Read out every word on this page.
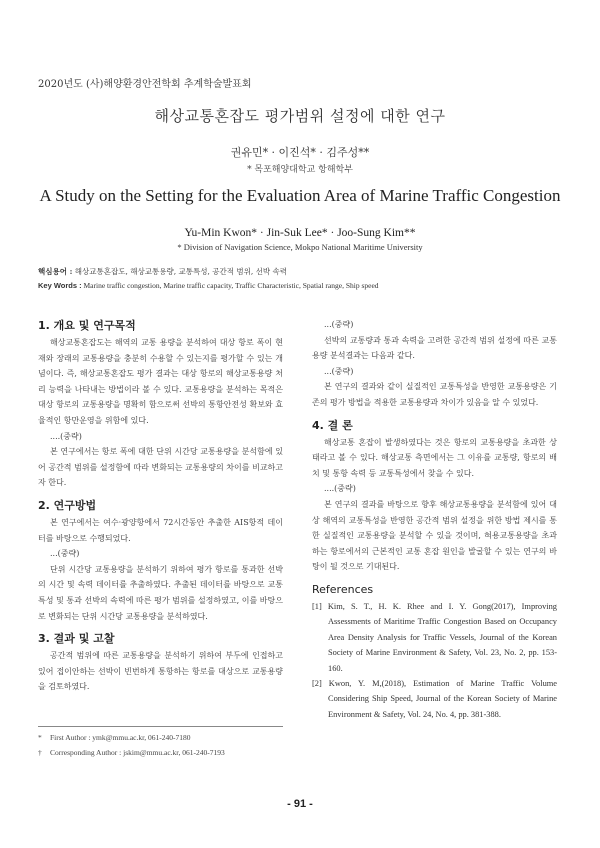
2020년도 (사)해양환경안전학회 추계학술발표회
해상교통혼잡도 평가범위 설정에 대한 연구
권유민* · 이진석* · 김주성**
* 목포해양대학교 항해학부
A Study on the Setting for the Evaluation Area of Marine Traffic Congestion
Yu-Min Kwon* · Jin-Suk Lee* · Joo-Sung Kim**
* Division of Navigation Science, Mokpo National Maritime University
핵심용어 : 해상교통혼잡도, 해상교통용량, 교통특성, 공간적 범위, 선박 속력
Key Words : Marine traffic congestion, Marine traffic capacity, Traffic Characteristic, Spatial range, Ship speed

1. 개요 및 연구목적

해상교통혼잡도는 해역의 교통 용량을 분석하여 대상 항로 폭이 현재와 장래의 교통용량을 충분히 수용할 수 있는지를 평가할 수 있는 개념이다. 즉, 해상교통혼잡도 평가 결과는 대상 항로의 해상교통용량 처리 능력을 나타내는 방법이라 볼 수 있다. 교통용량을 분석하는 목적은 대상 항로의 교통용량을 명확히 함으로써 선박의 통항안전성 확보와 효율적인 항만운영을 위함에 있다.

....(중략)

본 연구에서는 항로 폭에 대한 단위 시간당 교통용량을 분석함에 있어 공간적 범위를 설정함에 따라 변화되는 교통용량의 차이를 비교하고자 한다.

2. 연구방법

본 연구에서는 여수·광양항에서 72시간동안 추출한 AIS항적 데이터를 바탕으로 수행되었다.

...(중략)

단위 시간당 교통용량을 분석하기 위하여 평가 항로를 통과한 선박의 시간 및 속력 데이터를 추출하였다. 추출된 데이터를 바탕으로 교통특성 및 통과 선박의 속력에 따른 평가 범위를 설정하였고, 이를 바탕으로 변화되는 단위 시간당 교통용량을 분석하였다.

3. 결과 및 고찰

공간적 범위에 따른 교통용량을 분석하기 위하여 부두에 인접하고 있어 접이안하는 선박이 빈번하게 통항하는 항로를 대상으로 교통용량을 검토하였다.

...(중략)

선박의 교통량과 통과 속력을 고려한 공간적 범위 설정에 따른 교통용량 분석결과는 다음과 같다.

...(중략)

본 연구의 결과와 같이 실질적인 교통특성을 반영한 교통용량은 기존의 평가 방법을 적용한 교통용량과 차이가 있음을 알 수 있었다.

4. 결 론

해상교통 혼잡이 발생하였다는 것은 항로의 교통용량을 초과한 상태라고 볼 수 있다. 해상교통 측면에서는 그 이유를 교통량, 항로의 배치 및 통항 속력 등 교통특성에서 찾을 수 있다.

....(중략)

본 연구의 결과를 바탕으로 향후 해상교통용량을 분석함에 있어 대상 해역의 교통특성을 반영한 공간적 범위 설정을 위한 방법 제시를 통한 실질적인 교통용량을 분석할 수 있을 것이며, 혀용교통용량을 초과하는 항로에서의 근본적인 교통 혼잡 원인을 발굴할 수 있는 연구의 바탕이 될 것으로 기대된다.

References

[1] Kim, S. T., H. K. Rhee and I. Y. Gong(2017), Improving Assessments of Maritime Traffic Congestion Based on Occupancy Area Density Analysis for Traffic Vessels, Journal of the Korean Society of Marine Environment & Safety, Vol. 23, No. 2, pp. 153-160.

[2] Kwon, Y. M,(2018), Estimation of Marine Traffic Volume Considering Ship Speed, Journal of the Korean Society of Marine Environment & Safety, Vol. 24, No. 4, pp. 381-388.

* First Author : ymk@mmu.ac.kr, 061-240-7180
† Corresponding Author : jskim@mmu.ac.kr, 061-240-7193
- 91 -
